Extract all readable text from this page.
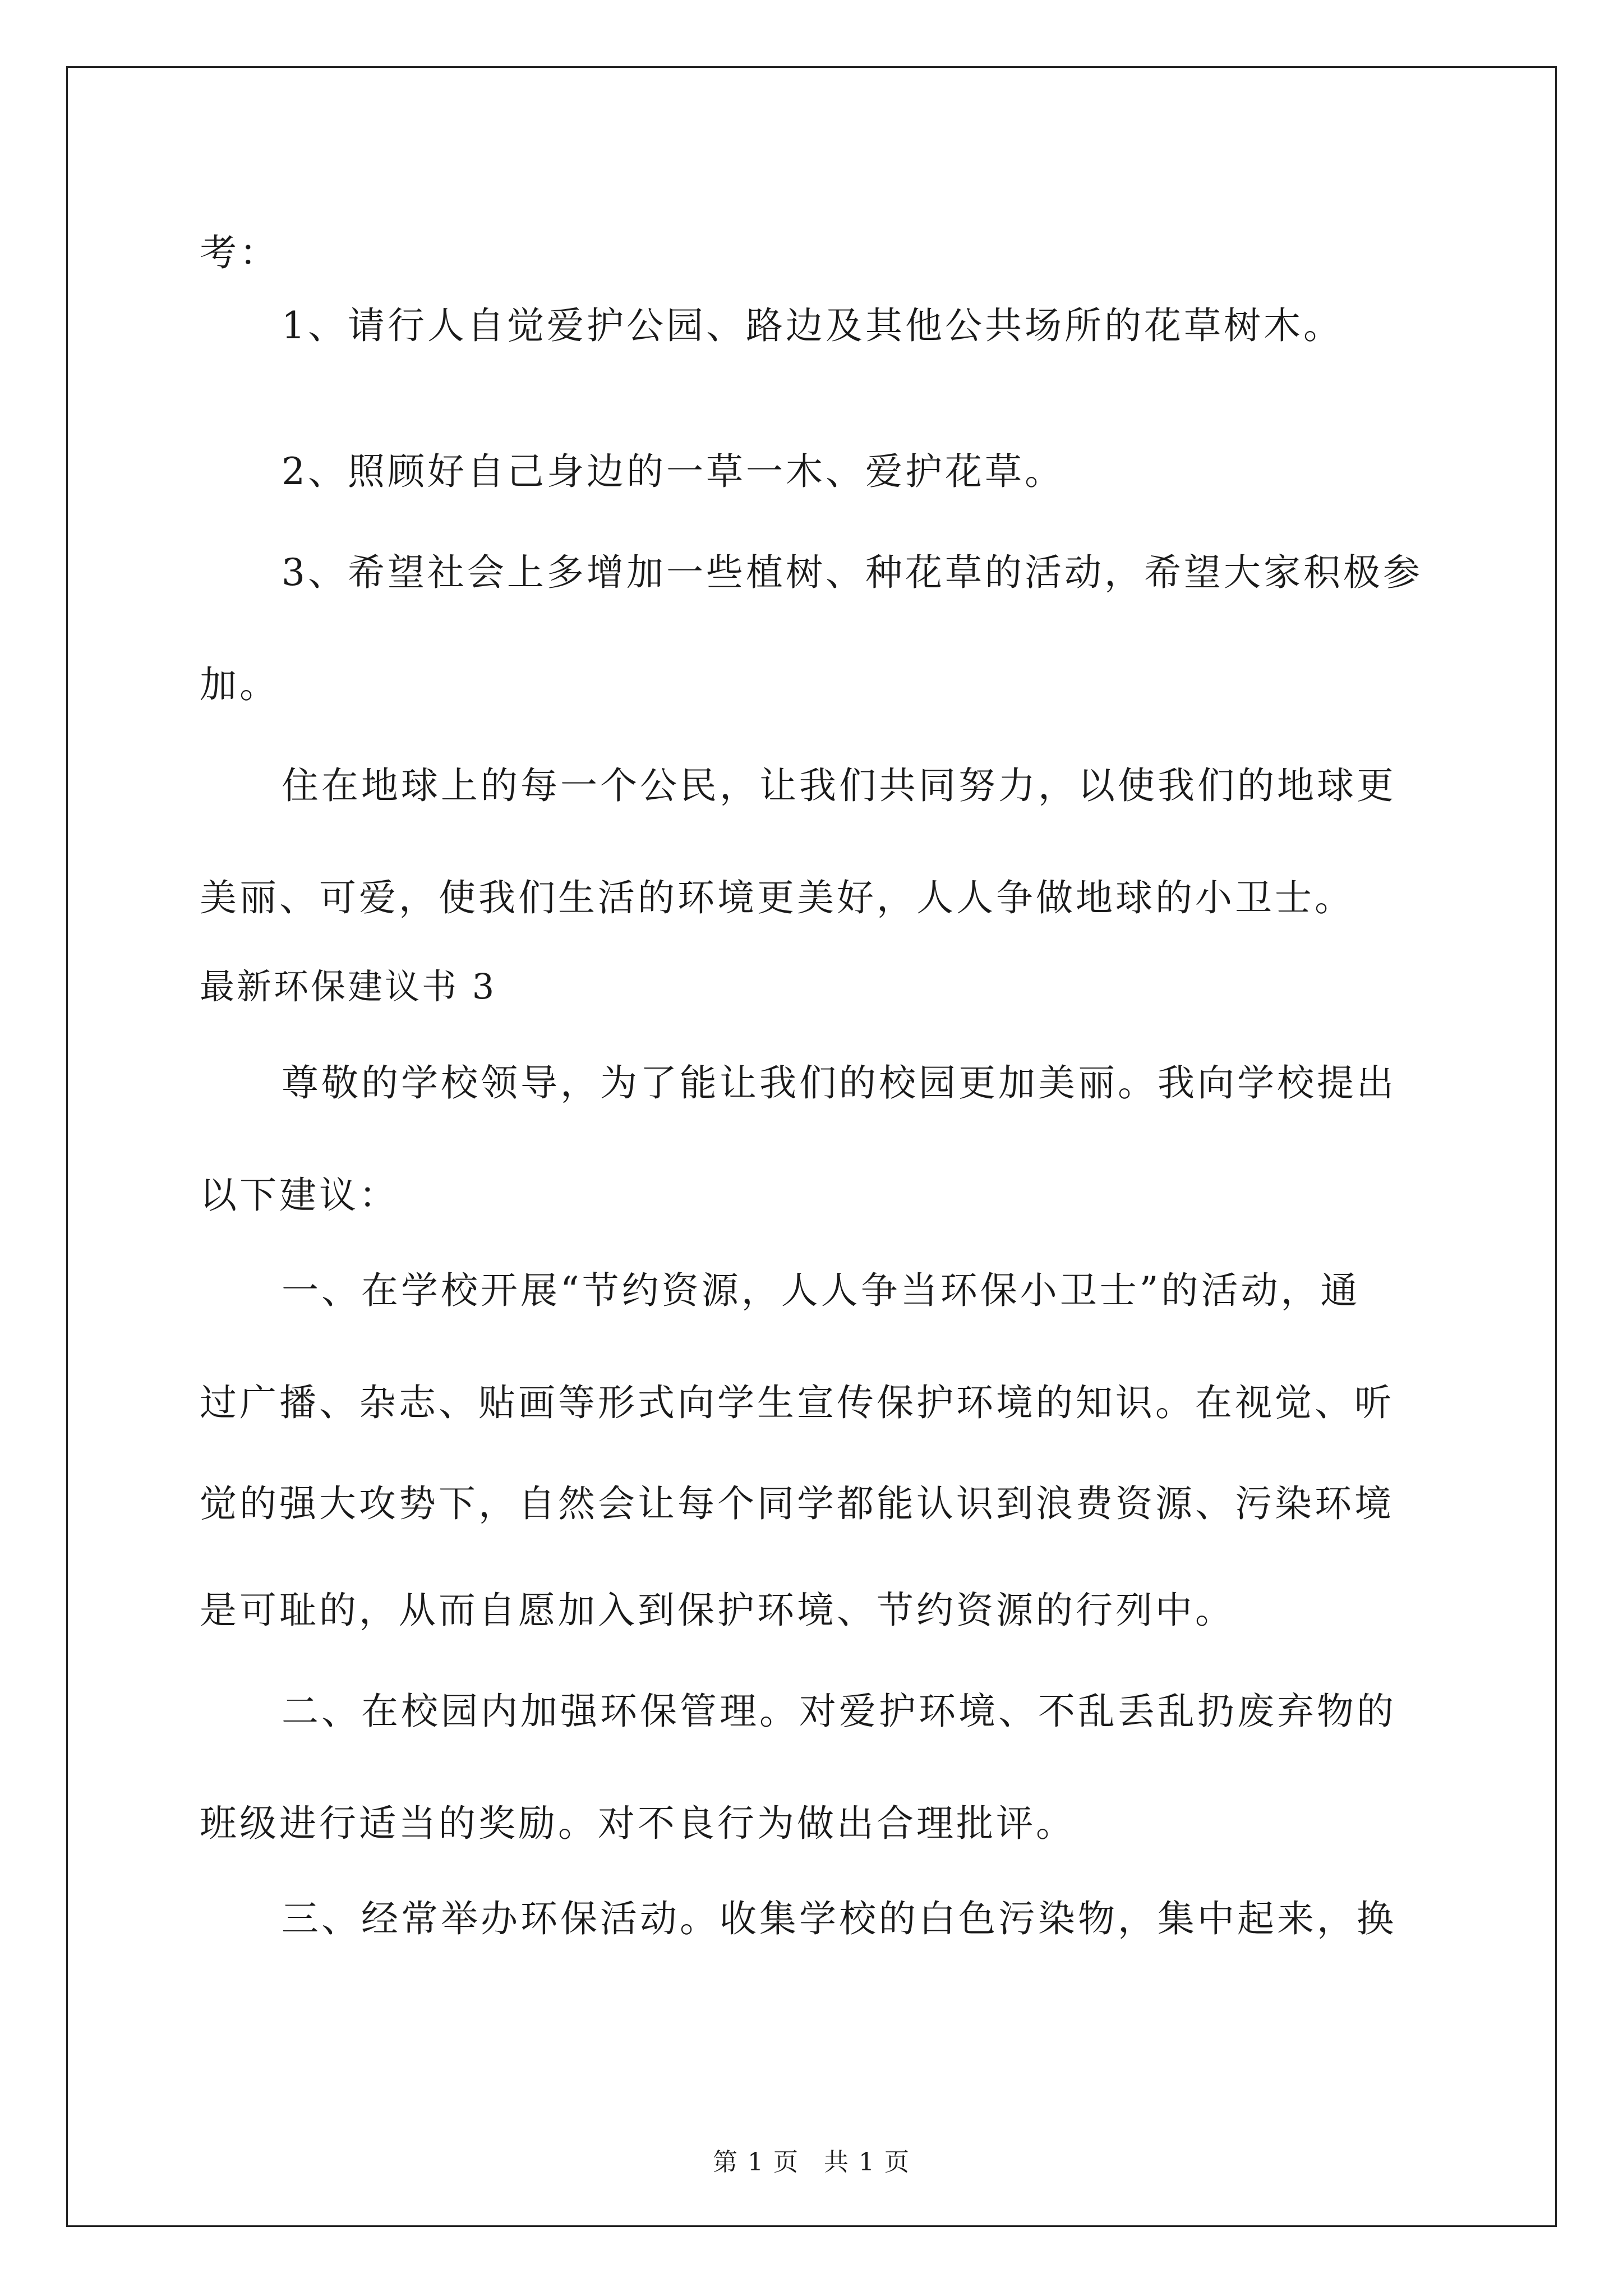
考：
1、请行人自觉爱护公园、路边及其他公共场所的花草树木。
2、照顾好自己身边的一草一木、爱护花草。
3、希望社会上多增加一些植树、种花草的活动，希望大家积极参
加。
住在地球上的每一个公民，让我们共同努力，以使我们的地球更
美丽、可爱，使我们生活的环境更美好，人人争做地球的小卫士。
最新环保建议书 3
尊敬的学校领导，为了能让我们的校园更加美丽。我向学校提出
以下建议：
一、在学校开展“节约资源，人人争当环保小卫士”的活动，通
过广播、杂志、贴画等形式向学生宣传保护环境的知识。在视觉、听
觉的强大攻势下，自然会让每个同学都能认识到浪费资源、污染环境
是可耻的，从而自愿加入到保护环境、节约资源的行列中。
二、在校园内加强环保管理。对爱护环境、不乱丢乱扔废弃物的
班级进行适当的奖励。对不良行为做出合理批评。
三、经常举办环保活动。收集学校的白色污染物，集中起来，换
第 1 页 共 1 页
